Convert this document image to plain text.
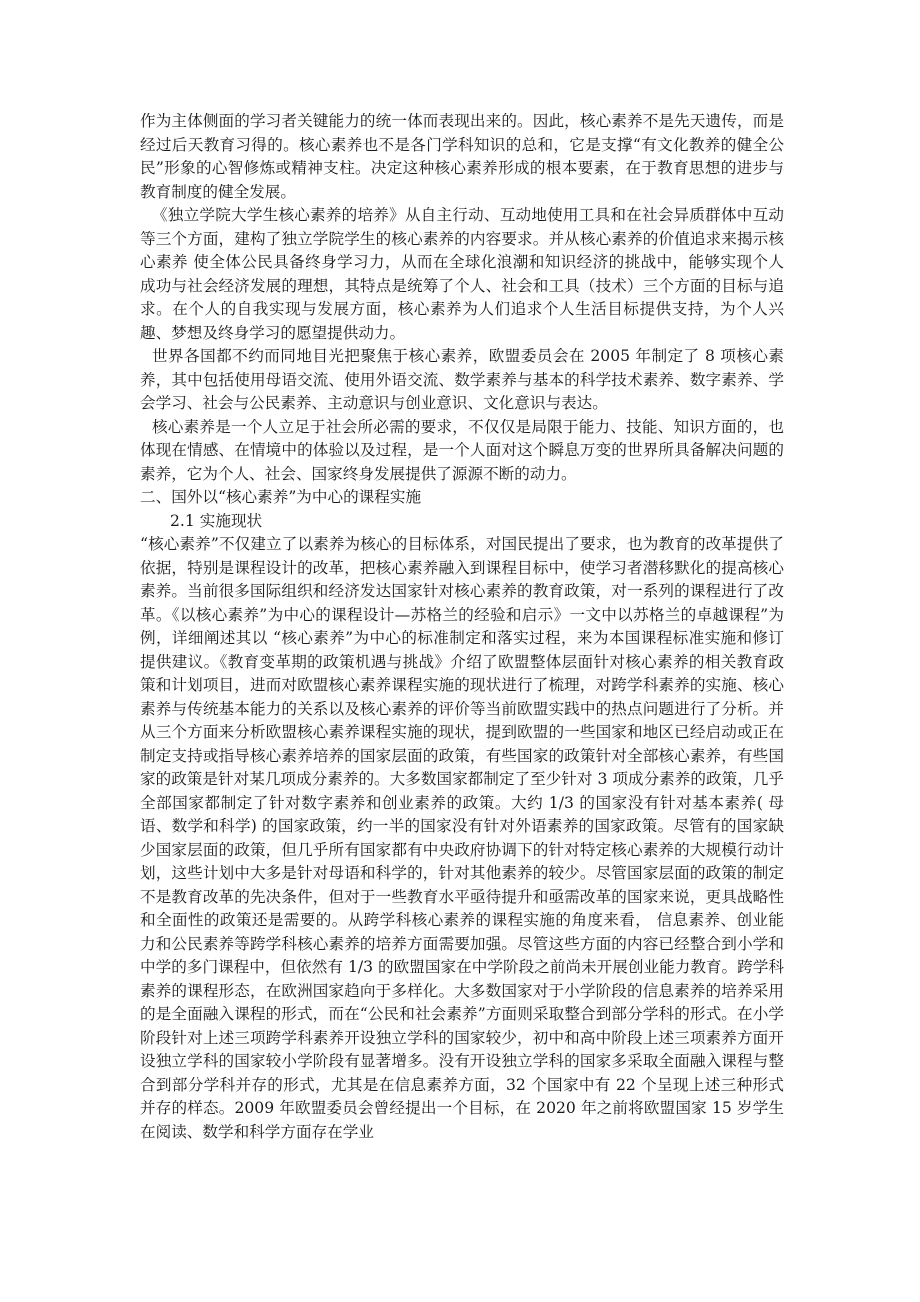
作为主体侧面的学习者关键能力的统一体而表现出来的。因此，核心素养不是先天遗传，而是经过后天教育习得的。核心素养也不是各门学科知识的总和，它是支撑“有文化教养的健全公民”形象的心智修炼或精神支柱。决定这种核心素养形成的根本要素，在于教育思想的进步与教育制度的健全发展。

《独立学院大学生核心素养的培养》从自主行动、互动地使用工具和在社会异质群体中互动等三个方面，建构了独立学院学生的核心素养的内容要求。并从核心素养的价值追求来揭示核心素养 使全体公民具备终身学习力，从而在全球化浪潮和知识经济的挑战中，能够实现个人成功与社会经济发展的理想，其特点是统筹了个人、社会和工具（技术）三个方面的目标与追求。在个人的自我实现与发展方面，核心素养为人们追求个人生活目标提供支持，为个人兴趣、梦想及终身学习的愿望提供动力。

世界各国都不约而同地目光把聚焦于核心素养，欧盟委员会在 2005 年制定了 8 项核心素养，其中包括使用母语交流、使用外语交流、数学素养与基本的科学技术素养、数字素养、学会学习、社会与公民素养、主动意识与创业意识、文化意识与表达。

核心素养是一个人立足于社会所必需的要求，不仅仅是局限于能力、技能、知识方面的，也体现在情感、在情境中的体验以及过程，是一个人面对这个瞬息万变的世界所具备解决问题的素养，它为个人、社会、国家终身发展提供了源源不断的动力。

二、国外以“核心素养”为中心的课程实施

2.1 实施现状

“核心素养”不仅建立了以素养为核心的目标体系，对国民提出了要求，也为教育的改革提供了依据，特别是课程设计的改革，把核心素养融入到课程目标中，使学习者潜移默化的提高核心素养。当前很多国际组织和经济发达国家针对核心素养的教育政策，对一系列的课程进行了改革。《以核心素养”为中心的课程设计—苏格兰的经验和启示》一文中以苏格兰的卓越课程”为例，详细阐述其以 “核心素养”为中心的标准制定和落实过程，来为本国课程标准实施和修订提供建议。《教育变革期的政策机遇与挑战》介绍了欧盟整体层面针对核心素养的相关教育政策和计划项目，进而对欧盟核心素养课程实施的现状进行了梳理，对跨学科素养的实施、核心素养与传统基本能力的关系以及核心素养的评价等当前欧盟实践中的热点问题进行了分析。并从三个方面来分析欧盟核心素养课程实施的现状，提到欧盟的一些国家和地区已经启动或正在制定支持或指导核心素养培养的国家层面的政策，有些国家的政策针对全部核心素养，有些国家的政策是针对某几项成分素养的。大多数国家都制定了至少针对 3 项成分素养的政策，几乎全部国家都制定了针对数字素养和创业素养的政策。大约 1/3 的国家没有针对基本素养( 母语、数学和科学) 的国家政策，约一半的国家没有针对外语素养的国家政策。尽管有的国家缺少国家层面的政策，但几乎所有国家都有中央政府协调下的针对特定核心素养的大规模行动计划，这些计划中大多是针对母语和科学的，针对其他素养的较少。尽管国家层面的政策的制定不是教育改革的先决条件，但对于一些教育水平亟待提升和亟需改革的国家来说，更具战略性和全面性的政策还是需要的。从跨学科核心素养的课程实施的角度来看， 信息素养、创业能力和公民素养等跨学科核心素养的培养方面需要加强。尽管这些方面的内容已经整合到小学和中学的多门课程中，但依然有 1/3 的欧盟国家在中学阶段之前尚未开展创业能力教育。跨学科素养的课程形态，在欧洲国家趋向于多样化。大多数国家对于小学阶段的信息素养的培养采用的是全面融入课程的形式，而在“公民和社会素养”方面则采取整合到部分学科的形式。在小学阶段针对上述三项跨学科素养开设独立学科的国家较少，初中和高中阶段上述三项素养方面开设独立学科的国家较小学阶段有显著增多。没有开设独立学科的国家多采取全面融入课程与整合到部分学科并存的形式，尤其是在信息素养方面，32 个国家中有 22 个呈现上述三种形式并存的样态。2009 年欧盟委员会曾经提出一个目标，在 2020 年之前将欧盟国家 15 岁学生在阅读、数学和科学方面存在学业
